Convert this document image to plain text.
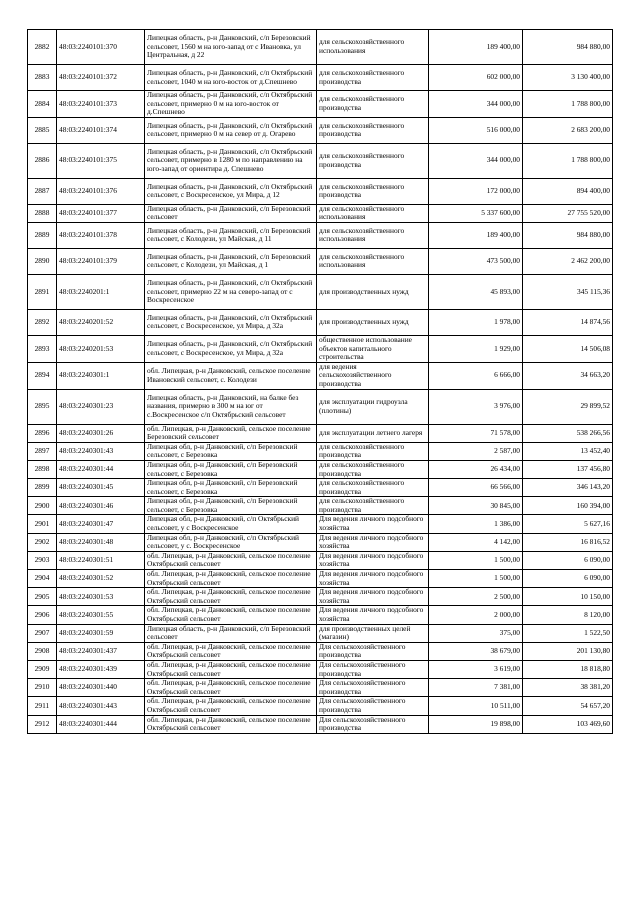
2882	48:03:2240101:370	Липецкая область, р-н Данковский, с/п Березовский сельсовет, 1560 м на юго-запад от с Ивановка, ул Центральная, д 22	для сельскохозяйственного использования	189 400,00	984 880,00
2883	48:03:2240101:372	Липецкая область, р-н Данковский, с/п Октябрьский сельсовет, 1040 м на юго-восток от д.Спешнево	для сельскохозяйственного производства	602 000,00	3 130 400,00
2884	48:03:2240101:373	Липецкая область, р-н Данковский, с/п Октябрьский сельсовет, примерно 0 м на юго-восток от д.Спешнево	для сельскохозяйственного производства	344 000,00	1 788 800,00
2885	48:03:2240101:374	Липецкая область, р-н Данковский, с/п Октябрьский сельсовет, примерно 0 м на север от д. Огарево	для сельскохозяйственного производства	516 000,00	2 683 200,00
2886	48:03:2240101:375	Липецкая область, р-н Данковский, с/п Октябрьский сельсовет, примерно в 1280 м по направлению на юго-запад от ориентира д. Спешнево	для сельскохозяйственного производства	344 000,00	1 788 800,00
2887	48:03:2240101:376	Липецкая область, р-н Данковский, с/п Октябрьский сельсовет, с Воскресенское, ул Мира, д 12	для сельскохозяйственного производства	172 000,00	894 400,00
2888	48:03:2240101:377	Липецкая область, р-н Данковский, с/п Березовский сельсовет	для сельскохозяйственного использования	5 337 600,00	27 755 520,00
2889	48:03:2240101:378	Липецкая область, р-н Данковский, с/п Березовский сельсовет, с Колодези, ул Майская, д 11	для сельскохозяйственного использования	189 400,00	984 880,00
2890	48:03:2240101:379	Липецкая область, р-н Данковский, с/п Березовский сельсовет, с Колодези, ул Майская, д 1	для сельскохозяйственного использования	473 500,00	2 462 200,00
2891	48:03:2240201:1	Липецкая область, р-н Данковский, с/п Октябрьский сельсовет, примерно 22 м на северо-запад от с Воскресенское	для производственных нужд	45 893,00	345 115,36
2892	48:03:2240201:52	Липецкая область, р-н Данковский, с/п Октябрьский сельсовет, с Воскресенское, ул Мира, д 32а	для производственных нужд	1 978,00	14 874,56
2893	48:03:2240201:53	Липецкая область, р-н Данковский, с/п Октябрьский сельсовет, с Воскресенское, ул Мира, д 32а	общественное использование объектов капитального строительства	1 929,00	14 506,08
2894	48:03:2240301:1	обл. Липецкая, р-н Данковский, сельское поселение Ивановский сельсовет, с. Колодези	для ведения сельскохозяйственного производства	6 666,00	34 663,20
2895	48:03:2240301:23	Липецкая область, р-н Данковский, на балке без названия, примерно в 300 м на юг от с.Воскресенское с/п Октябрьский сельсовет	для эксплуатации гидроузла (плотины)	3 976,00	29 899,52
2896	48:03:2240301:26	обл. Липецкая, р-н Данковский, сельское поселение Березовский сельсовет	для эксплуатации летнего лагеря	71 578,00	538 266,56
2897	48:03:2240301:43	Липецкая обл, р-н Данковский, с/п Березовский сельсовет, с Березовка	для сельскохозяйственного производства	2 587,00	13 452,40
2898	48:03:2240301:44	Липецкая обл, р-н Данковский, с/п Березовский сельсовет, с Березовка	для сельскохозяйственного производства	26 434,00	137 456,80
2899	48:03:2240301:45	Липецкая обл, р-н Данковский, с/п Березовский сельсовет, с Березовка	для сельскохозяйственного производства	66 566,00	346 143,20
2900	48:03:2240301:46	Липецкая обл, р-н Данковский, с/п Березовский сельсовет, с Березовка	для сельскохозяйственного производства	30 845,00	160 394,00
2901	48:03:2240301:47	Липецкая обл, р-н Данковский, с/п Октябрьский сельсовет, у с Воскресенское	Для ведения личного подсобного хозяйства	1 386,00	5 627,16
2902	48:03:2240301:48	Липецкая обл, р-н Данковский, с/п Октябрьский сельсовет, у с. Воскресенское	Для ведения личного подсобного хозяйства	4 142,00	16 816,52
2903	48:03:2240301:51	обл. Липецкая, р-н Данковский, сельское поселение Октябрьский сельсовет	Для ведения личного подсобного хозяйства	1 500,00	6 090,00
2904	48:03:2240301:52	обл. Липецкая, р-н Данковский, сельское поселение Октябрьский сельсовет	Для ведения личного подсобного хозяйства	1 500,00	6 090,00
2905	48:03:2240301:53	обл. Липецкая, р-н Данковский, сельское поселение Октябрьский сельсовет	Для ведения личного подсобного хозяйства	2 500,00	10 150,00
2906	48:03:2240301:55	обл. Липецкая, р-н Данковский, сельское поселение Октябрьский сельсовет	Для ведения личного подсобного хозяйства	2 000,00	8 120,00
2907	48:03:2240301:59	Липецкая область, р-н Данковский, с/п Березовский сельсовет	для производственных целей (магазин)	375,00	1 522,50
2908	48:03:2240301:437	обл. Липецкая, р-н Данковский, сельское поселение Октябрьский сельсовет	Для сельскохозяйственного производства	38 679,00	201 130,80
2909	48:03:2240301:439	обл. Липецкая, р-н Данковский, сельское поселение Октябрьский сельсовет	Для сельскохозяйственного производства	3 619,00	18 818,80
2910	48:03:2240301:440	обл. Липецкая, р-н Данковский, сельское поселение Октябрьский сельсовет	Для сельскохозяйственного производства	7 381,00	38 381,20
2911	48:03:2240301:443	обл. Липецкая, р-н Данковский, сельское поселение Октябрьский сельсовет	Для сельскохозяйственного производства	10 511,00	54 657,20
2912	48:03:2240301:444	обл. Липецкая, р-н Данковский, сельское поселение Октябрьский сельсовет	Для сельскохозяйственного производства	19 898,00	103 469,60
